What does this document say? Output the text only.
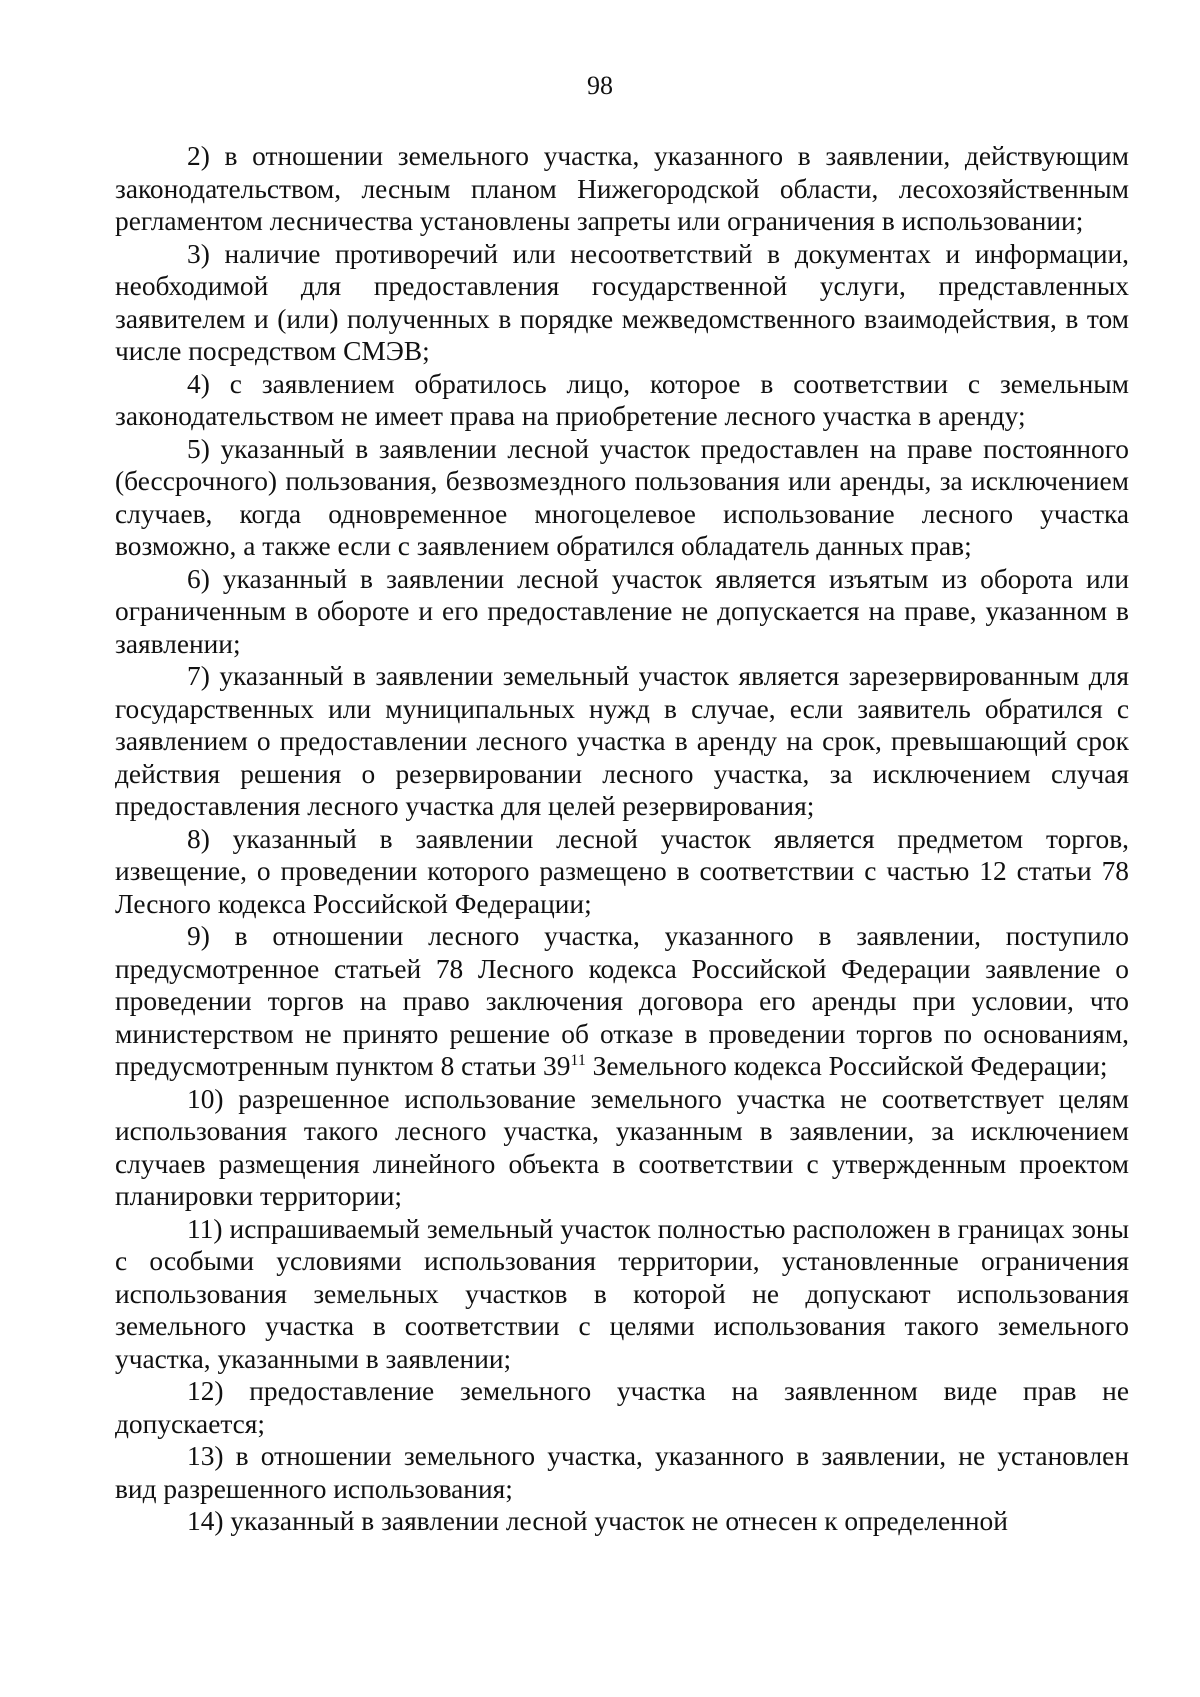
98

2) в отношении земельного участка, указанного в заявлении, действующим законодательством, лесным планом Нижегородской области, лесохозяйственным регламентом лесничества установлены запреты или ограничения в использовании;

3) наличие противоречий или несоответствий в документах и информации, необходимой для предоставления государственной услуги, представленных заявителем и (или) полученных в порядке межведомственного взаимодействия, в том числе посредством СМЭВ;

4) с заявлением обратилось лицо, которое в соответствии с земельным законодательством не имеет права на приобретение лесного участка в аренду;

5) указанный в заявлении лесной участок предоставлен на праве постоянного (бессрочного) пользования, безвозмездного пользования или аренды, за исключением случаев, когда одновременное многоцелевое использование лесного участка возможно, а также если с заявлением обратился обладатель данных прав;

6) указанный в заявлении лесной участок является изъятым из оборота или ограниченным в обороте и его предоставление не допускается на праве, указанном в заявлении;

7) указанный в заявлении земельный участок является зарезервированным для государственных или муниципальных нужд в случае, если заявитель обратился с заявлением о предоставлении лесного участка в аренду на срок, превышающий срок действия решения о резервировании лесного участка, за исключением случая предоставления лесного участка для целей резервирования;

8) указанный в заявлении лесной участок является предметом торгов, извещение, о проведении которого размещено в соответствии с частью 12 статьи 78 Лесного кодекса Российской Федерации;

9) в отношении лесного участка, указанного в заявлении, поступило предусмотренное статьей 78 Лесного кодекса Российской Федерации заявление о проведении торгов на право заключения договора его аренды при условии, что министерством не принято решение об отказе в проведении торгов по основаниям, предусмотренным пунктом 8 статьи $39^{11}$ Земельного кодекса Российской Федерации;

10) разрешенное использование земельного участка не соответствует целям использования такого лесного участка, указанным в заявлении, за исключением случаев размещения линейного объекта в соответствии с утвержденным проектом планировки территории;

11) испрашиваемый земельный участок полностью расположен в границах зоны с особыми условиями использования территории, установленные ограничения использования земельных участков в которой не допускают использования земельного участка в соответствии с целями использования такого земельного участка, указанными в заявлении;

12) предоставление земельного участка на заявленном виде прав не допускается;

13) в отношении земельного участка, указанного в заявлении, не установлен вид разрешенного использования;

14) указанный в заявлении лесной участок не отнесен к определенной
